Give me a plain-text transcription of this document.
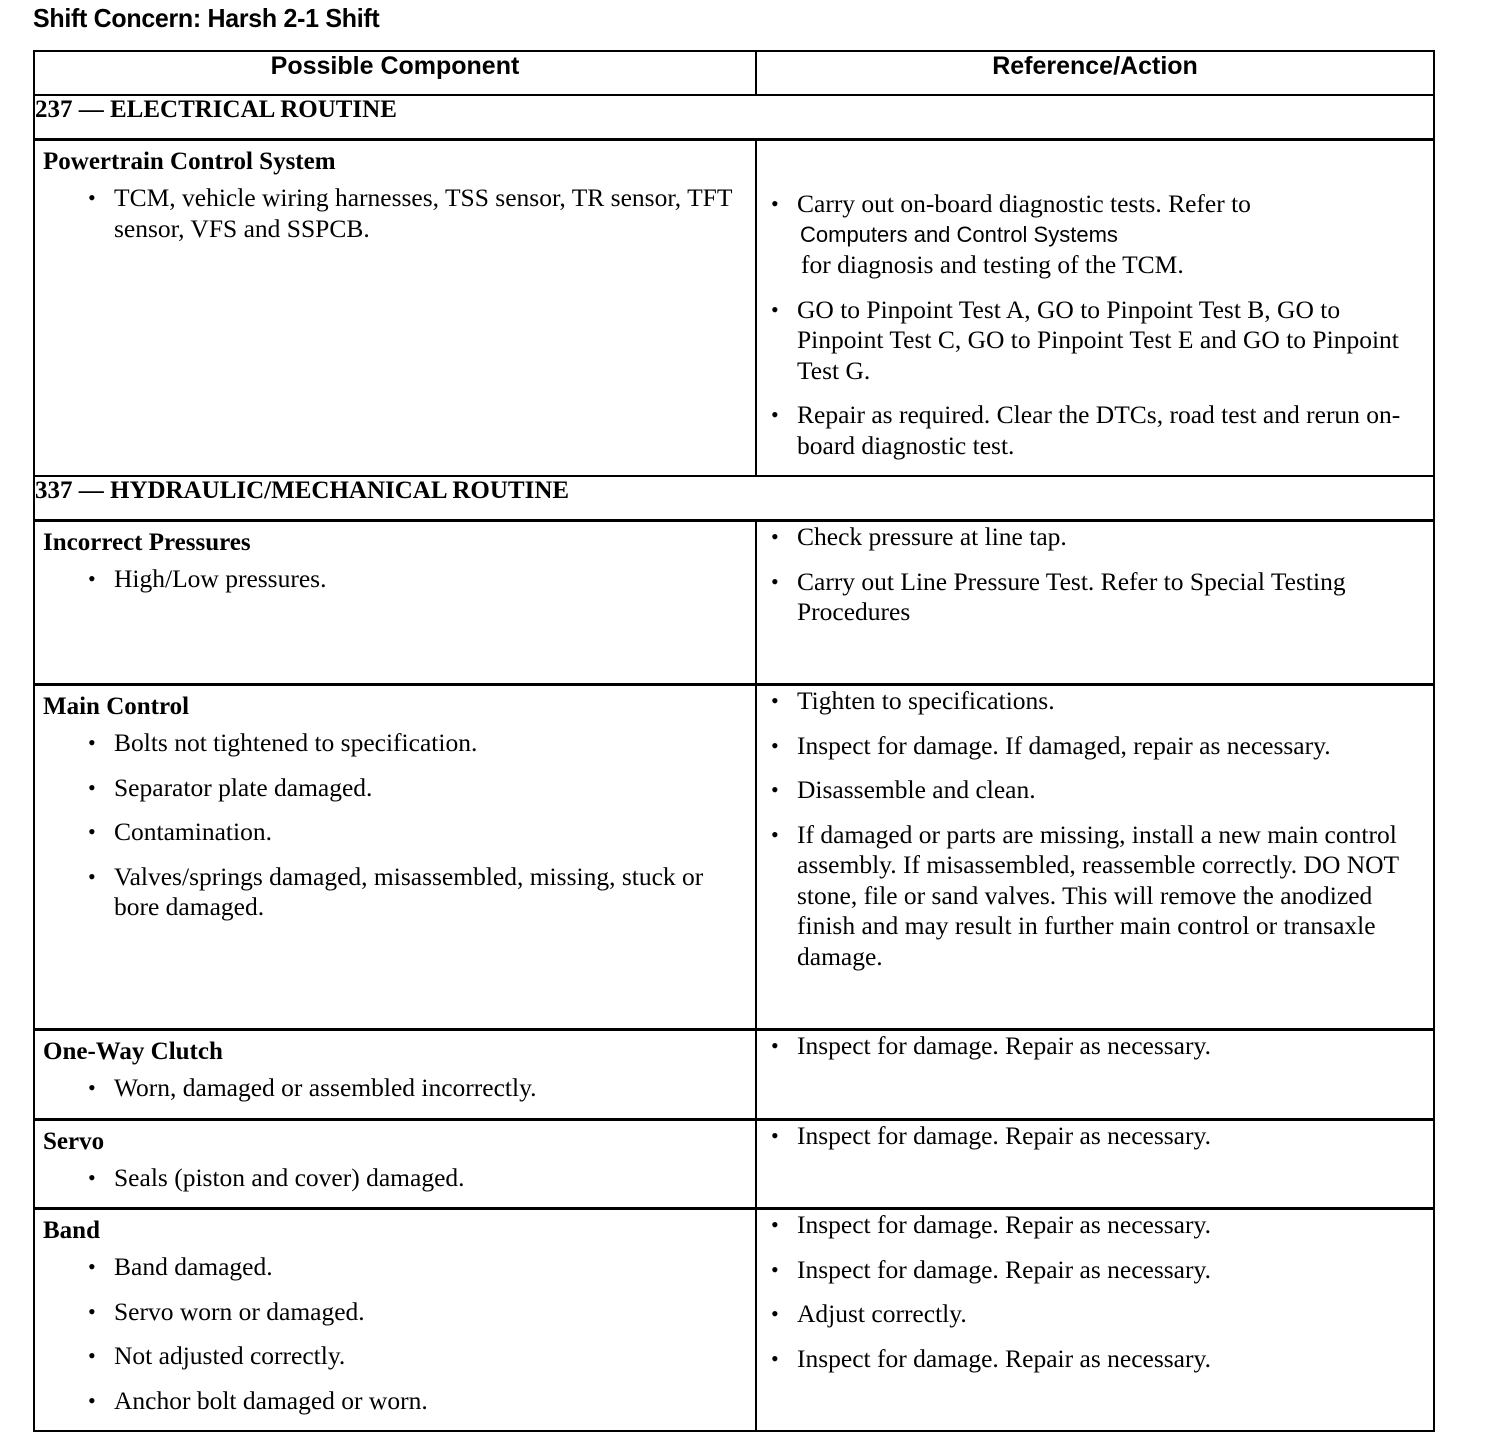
Shift Concern: Harsh 2-1 Shift
Possible Component	Reference/Action
237 — ELECTRICAL ROUTINE	

Powertrain Control System
• TCM, vehicle wiring harnesses, TSS sensor, TR sensor, TFT sensor, VFS and SSPCB.

• Carry out on-board diagnostic tests. Refer to
Computers and Control Systems
for diagnosis and testing of the TCM.
• GO to Pinpoint Test A, GO to Pinpoint Test B, GO to Pinpoint Test C, GO to Pinpoint Test E and GO to Pinpoint Test G.
• Repair as required. Clear the DTCs, road test and rerun on-board diagnostic test.

337 — HYDRAULIC/MECHANICAL ROUTINE	

Incorrect Pressures
• High/Low pressures.

• Check pressure at line tap.
• Carry out Line Pressure Test. Refer to Special Testing Procedures

Main Control
• Bolts not tightened to specification.
• Separator plate damaged.
• Contamination.
• Valves/springs damaged, misassembled, missing, stuck or bore damaged.

• Tighten to specifications.
• Inspect for damage. If damaged, repair as necessary.
• Disassemble and clean.
• If damaged or parts are missing, install a new main control assembly. If misassembled, reassemble correctly. DO NOT stone, file or sand valves. This will remove the anodized finish and may result in further main control or transaxle damage.

One-Way Clutch
• Worn, damaged or assembled incorrectly.

• Inspect for damage. Repair as necessary.

Servo
• Seals (piston and cover) damaged.

• Inspect for damage. Repair as necessary.

Band
• Band damaged.
• Servo worn or damaged.
• Not adjusted correctly.
• Anchor bolt damaged or worn.

• Inspect for damage. Repair as necessary.
• Inspect for damage. Repair as necessary.
• Adjust correctly.
• Inspect for damage. Repair as necessary.
